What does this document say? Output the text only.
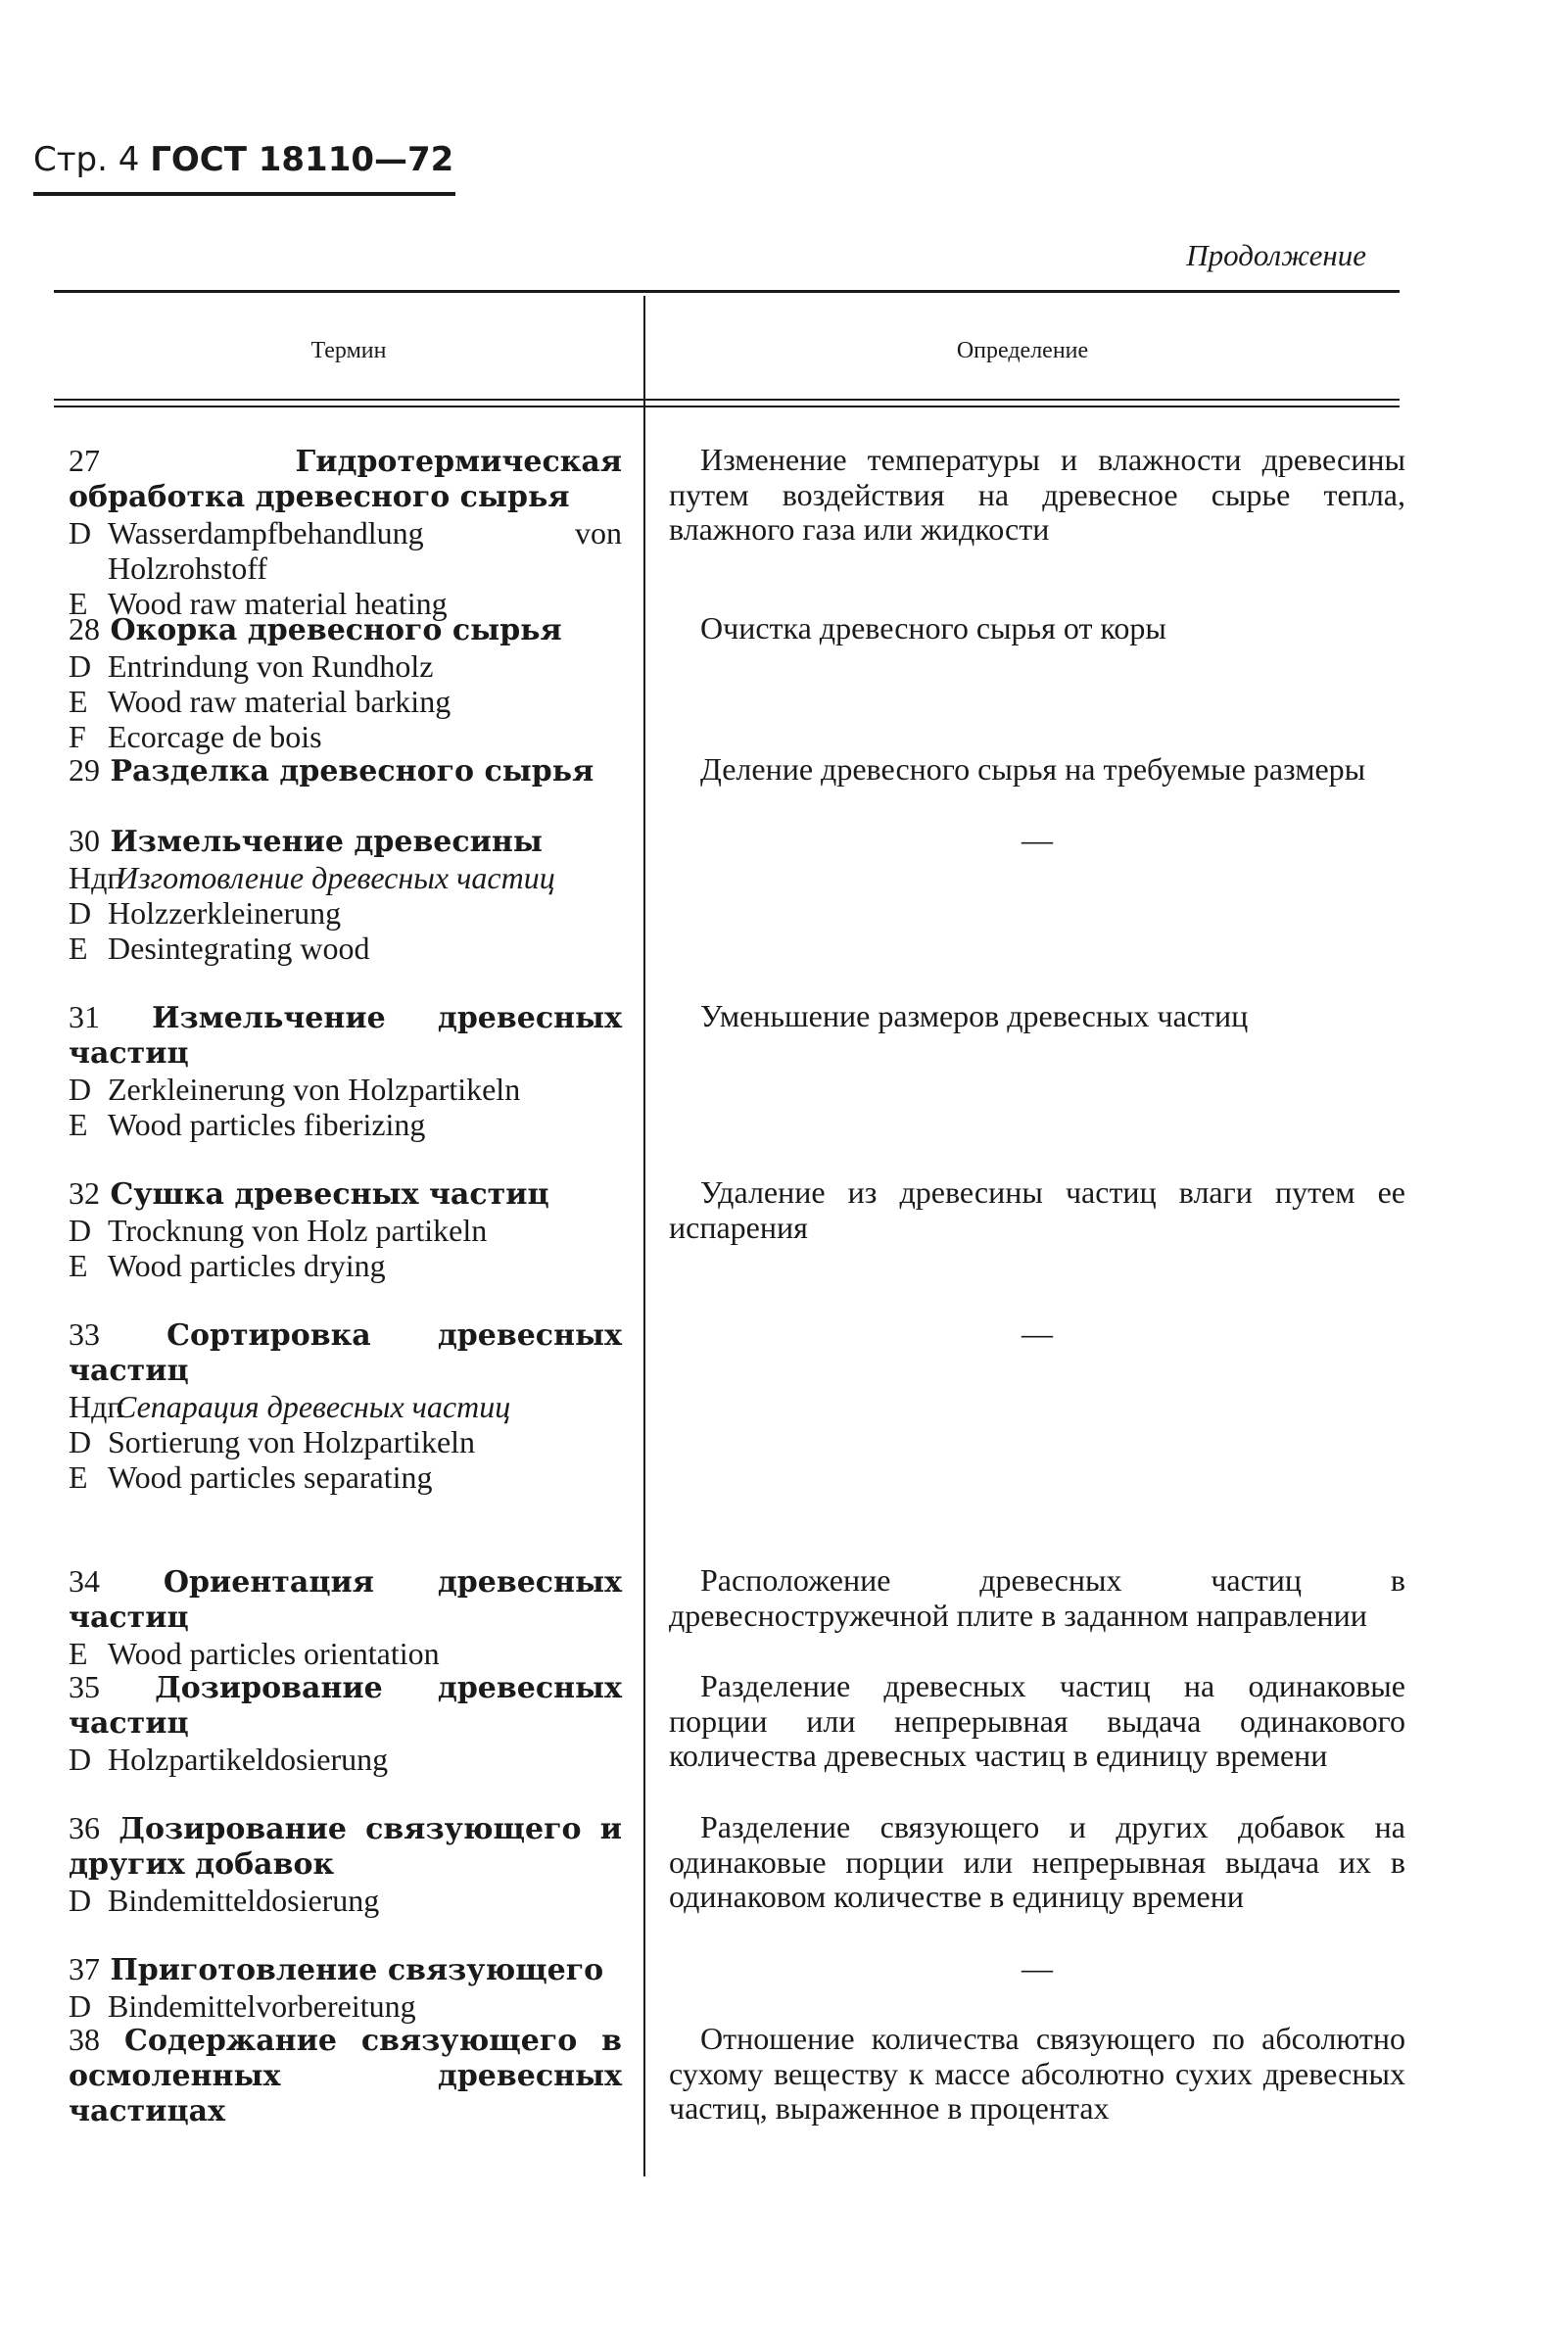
Стр. 4 ГОСТ 18110—72
Продолжение
Термин	Определение
27	Гидротермическая обработка древесного сырья
D Wasserdampfbehandlung von Holzrohstoff
E Wood raw material heating
28 Окорка древесного сырья
D Entrindung von Rundholz
E Wood raw material barking
F Ecorcage de bois
29 Разделка древесного сырья
30 Измельчение древесины
Ндп Изготовление древесных частиц
D Holzzerkleinerung
E Desintegrating wood
31 Измельчение древесных частиц
D Zerkleinerung von Holzpartikeln
E Wood particles fiberizing
32 Сушка древесных частиц
D Trocknung von Holz partikeln
E Wood particles drying
33 Сортировка древесных частиц
Ндп Сепарация древесных частиц
D Sortierung von Holzpartikeln
E Wood particles separating
34 Ориентация древесных частиц
E Wood particles orientation
35 Дозирование древесных частиц
D Holzpartikeldosierung
36 Дозирование связующего и других добавок
D Bindemitteldosierung
37 Приготовление связующего
D Bindemittelvorbereitung
38 Содержание связующего в осмоленных древесных частицах
Изменение температуры и влажности древесины путем воздействия на древесное сырье тепла, влажного газа или жидкости
Очистка древесного сырья от коры
Деление древесного сырья на требуемые размеры
—
Уменьшение размеров древесных частиц
Удаление из древесины частиц влаги путем ее испарения
—
Расположение древесных частиц в древесностружечной плите в заданном направлении
Разделение древесных частиц на одинаковые порции или непрерывная выдача одинакового количества древесных частиц в единицу времени
Разделение связующего и других добавок на одинаковые порции или непрерывная выдача их в одинаковом количестве в единицу времени
—
Отношение количества связующего по абсолютно сухому веществу к массе абсолютно сухих древесных частиц, выраженное в процентах
